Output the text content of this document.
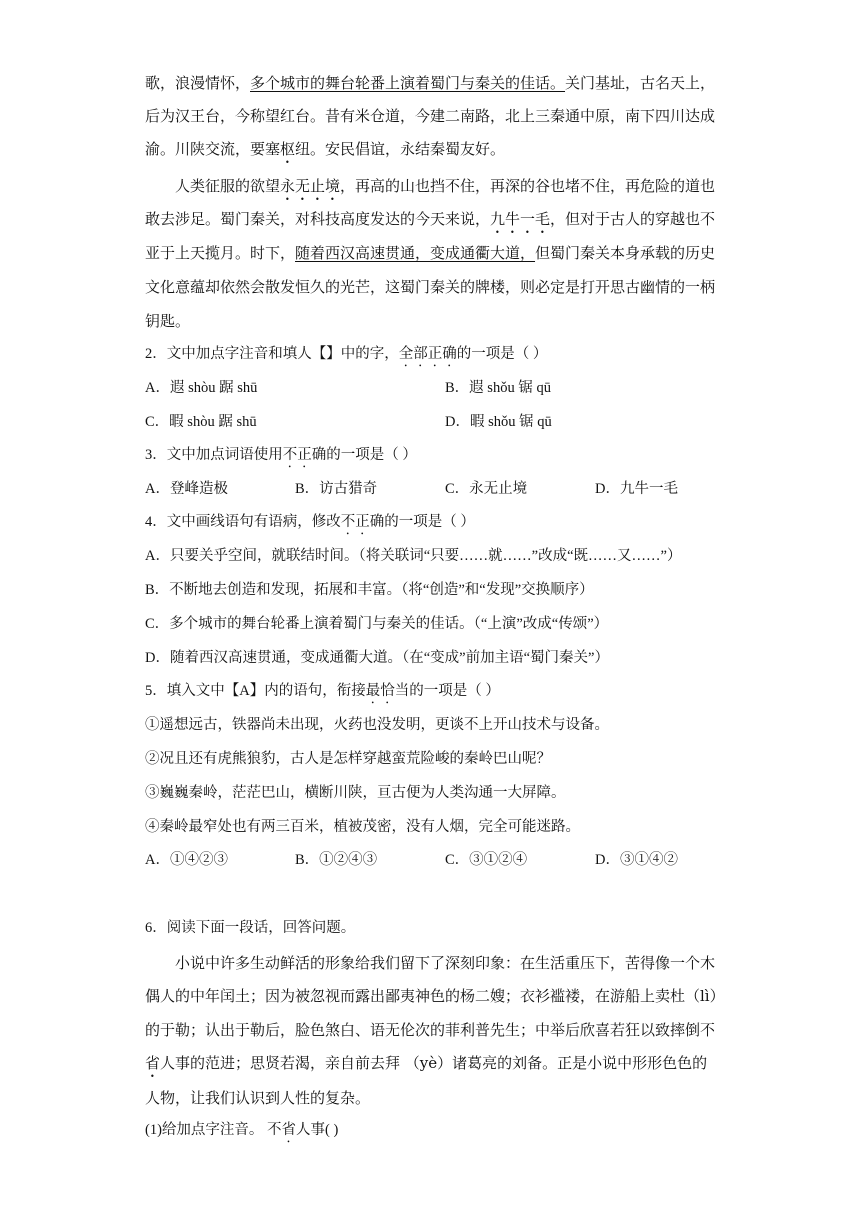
歌，浪漫情怀，多个城市的舞台轮番上演着蜀门与秦关的佳话。关门基址，古名天上，
后为汉王台，今称望红台。昔有米仓道，今建二南路，北上三秦通中原，南下四川达成
渝。川陕交流，要塞枢纽。安民倡谊，永结秦蜀友好。
人类征服的欲望永无止境，再高的山也挡不住，再深的谷也堵不住，再危险的道也
敢去涉足。蜀门秦关，对科技高度发达的今天来说，九牛一毛，但对于古人的穿越也不
亚于上天揽月。时下，随着西汉高速贯通，变成通衢大道，但蜀门秦关本身承载的历史
文化意蕴却依然会散发恒久的光芒，这蜀门秦关的牌楼，则必定是打开思古幽情的一柄
钥匙。
2．文中加点字注音和填人【】中的字，全部正确的一项是（ ）
A．遐 shòu 踞 shū	B．遐 shǒu 锯 qū
C．暇 shòu 踞 shū	D．暇 shǒu 锯 qū
3．文中加点词语使用不正确的一项是（ ）
A．登峰造极	B．访古猎奇	C．永无止境	D．九牛一毛
4．文中画线语句有语病，修改不正确的一项是（ ）
A．只要关乎空间，就联结时间。（将关联词“只要……就……”改成“既……又……”）
B．不断地去创造和发现，拓展和丰富。（将“创造”和“发现”交换顺序）
C．多个城市的舞台轮番上演着蜀门与秦关的佳话。（“上演”改成“传颂”）
D．随着西汉高速贯通，变成通衢大道。（在“变成”前加主语“蜀门秦关”）
5．填入文中【A】内的语句，衔接最恰当的一项是（ ）
①遥想远古，铁器尚未出现，火药也没发明，更谈不上开山技术与设备。
②况且还有虎熊狼豹，古人是怎样穿越蛮荒险峻的秦岭巴山呢？
③巍巍秦岭，茫茫巴山，横断川陕，亘古便为人类沟通一大屏障。
④秦岭最窄处也有两三百米，植被茂密，没有人烟，完全可能迷路。
A．①④②③	B．①②④③	C．③①②④	D．③①④②
6．阅读下面一段话，回答问题。
小说中许多生动鲜活的形象给我们留下了深刻印象：在生活重压下，苦得像一个木
偶人的中年闰土；因为被忽视而露出鄙夷神色的杨二嫂；衣衫褴褛，在游船上卖杜（lì）
的于勒；认出于勒后，脸色煞白、语无伦次的菲利普先生；中举后欣喜若狂以致摔倒不
省人事的范进；思贤若渴，亲自前去拜 （yè）诸葛亮的刘备。正是小说中形形色色的
人物，让我们认识到人性的复杂。
(1)给加点字注音。 不省人事( )
